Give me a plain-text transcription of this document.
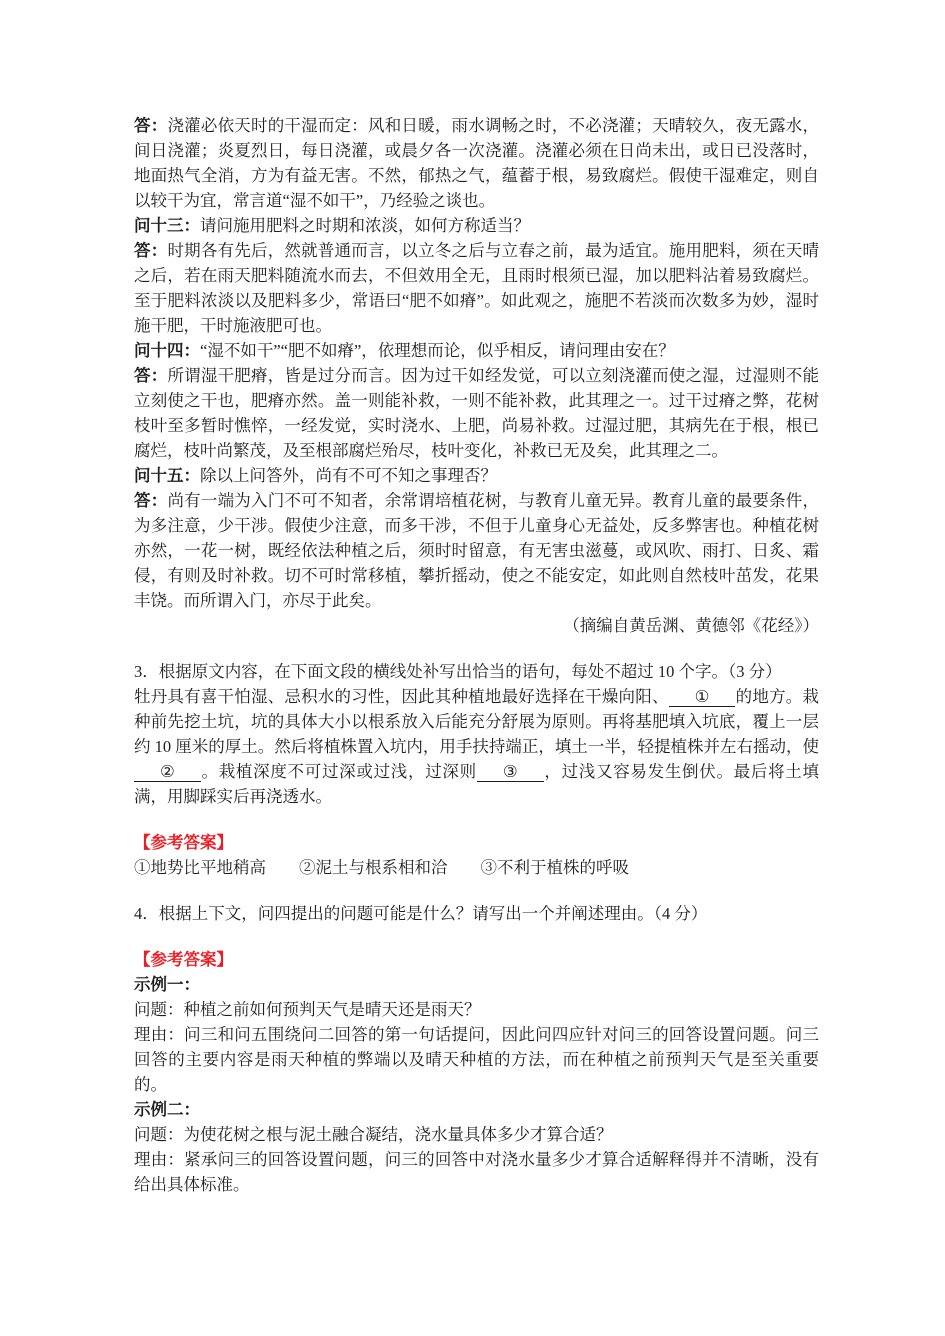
答：浇灌必依天时的干湿而定：风和日暖，雨水调畅之时，不必浇灌；天晴较久，夜无露水，间日浇灌；炎夏烈日，每日浇灌，或晨夕各一次浇灌。浇灌必须在日尚未出，或日已没落时，地面热气全消，方为有益无害。不然，郁热之气，蕴蓄于根，易致腐烂。假使干湿难定，则自以较干为宜，常言道“湿不如干”，乃经验之谈也。

问十三：请问施用肥料之时期和浓淡，如何方称适当？

答：时期各有先后，然就普通而言，以立冬之后与立春之前，最为适宜。施用肥料，须在天晴之后，若在雨天肥料随流水而去，不但效用全无，且雨时根须已湿，加以肥料沾着易致腐烂。至于肥料浓淡以及肥料多少，常语曰“肥不如瘠”。如此观之，施肥不若淡而次数多为妙，湿时施干肥，干时施液肥可也。

问十四：“湿不如干”“肥不如瘠”，依理想而论，似乎相反，请问理由安在？

答：所谓湿干肥瘠，皆是过分而言。因为过干如经发觉，可以立刻浇灌而使之湿，过湿则不能立刻使之干也，肥瘠亦然。盖一则能补救，一则不能补救，此其理之一。过干过瘠之弊，花树枝叶至多暂时憔悴，一经发觉，实时浇水、上肥，尚易补救。过湿过肥，其病先在于根，根已腐烂，枝叶尚繁茂，及至根部腐烂殆尽，枝叶变化，补救已无及矣，此其理之二。

问十五：除以上问答外，尚有不可不知之事理否？

答：尚有一端为入门不可不知者，余常谓培植花树，与教育儿童无异。教育儿童的最要条件，为多注意，少干涉。假使少注意，而多干涉，不但于儿童身心无益处，反多弊害也。种植花树亦然，一花一树，既经依法种植之后，须时时留意，有无害虫滋蔓，或风吹、雨打、日炙、霜侵，有则及时补救。切不可时常移植，攀折摇动，使之不能安定，如此则自然枝叶茁发，花果丰饶。而所谓入门，亦尽于此矣。

（摘编自黄岳渊、黄德邻《花经》）

3．根据原文内容，在下面文段的横线处补写出恰当的语句，每处不超过 10 个字。（3 分）

牡丹具有喜干怕湿、忌积水的习性，因此其种植地最好选择在干燥向阳、 ① 的地方。栽种前先挖土坑，坑的具体大小以根系放入后能充分舒展为原则。再将基肥填入坑底，覆上一层约 10 厘米的厚土。然后将植株置入坑内，用手扶持端正，填土一半，轻提植株并左右摇动，使② 。栽植深度不可过深或过浅，过深则 ③ ，过浅又容易发生倒伏。最后将土填满，用脚踩实后再浇透水。

【参考答案】

①地势比平地稍高 ②泥土与根系相和洽 ③不利于植株的呼吸

4．根据上下文，问四提出的问题可能是什么？请写出一个并阐述理由。（4 分）

【参考答案】

示例一：

问题：种植之前如何预判天气是晴天还是雨天？

理由：问三和问五围绕问二回答的第一句话提问，因此问四应针对问三的回答设置问题。问三回答的主要内容是雨天种植的弊端以及晴天种植的方法，而在种植之前预判天气是至关重要的。

示例二：

问题：为使花树之根与泥土融合凝结，浇水量具体多少才算合适？

理由：紧承问三的回答设置问题，问三的回答中对浇水量多少才算合适解释得并不清晰，没有给出具体标准。
